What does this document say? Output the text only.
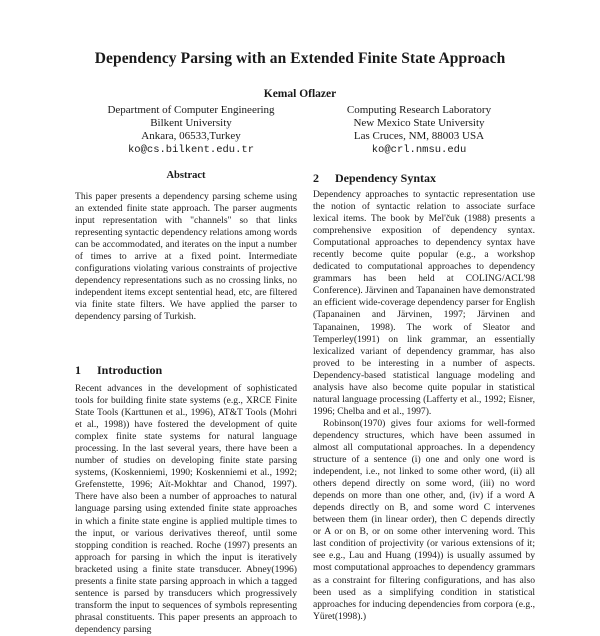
Dependency Parsing with an Extended Finite State Approach
Kemal Oflazer
Department of Computer Engineering
Bilkent University
Ankara, 06533,Turkey
ko@cs.bilkent.edu.tr
Computing Research Laboratory
New Mexico State University
Las Cruces, NM, 88003 USA
ko@crl.nmsu.edu
Abstract

This paper presents a dependency parsing scheme using an extended finite state approach. The parser augments input representation with "channels" so that links representing syntactic dependency relations among words can be accommodated, and iterates on the input a number of times to arrive at a fixed point. Intermediate configurations violating various constraints of projective dependency representations such as no crossing links, no independent items except sentential head, etc, are filtered via finite state filters. We have applied the parser to dependency parsing of Turkish.

1 Introduction

Recent advances in the development of sophisticated tools for building finite state systems (e.g., XRCE Finite State Tools (Karttunen et al., 1996), AT&T Tools (Mohri et al., 1998)) have fostered the development of quite complex finite state systems for natural language processing. In the last several years, there have been a number of studies on developing finite state parsing systems, (Koskenniemi, 1990; Koskenniemi et al., 1992; Grefenstette, 1996; Aït-Mokhtar and Chanod, 1997). There have also been a number of approaches to natural language parsing using extended finite state approaches in which a finite state engine is applied multiple times to the input, or various derivatives thereof, until some stopping condition is reached. Roche (1997) presents an approach for parsing in which the input is iteratively bracketed using a finite state transducer. Abney(1996) presents a finite state parsing approach in which a tagged sentence is parsed by transducers which progressively transform the input to sequences of symbols representing phrasal constituents. This paper presents an approach to dependency parsing

2 Dependency Syntax

Dependency approaches to syntactic representation use the notion of syntactic relation to associate surface lexical items. The book by Mel'čuk (1988) presents a comprehensive exposition of dependency syntax. Computational approaches to dependency syntax have recently become quite popular (e.g., a workshop dedicated to computational approaches to dependency grammars has been held at COLING/ACL'98 Conference). Järvinen and Tapanainen have demonstrated an efficient wide-coverage dependency parser for English (Tapanainen and Järvinen, 1997; Järvinen and Tapanainen, 1998). The work of Sleator and Temperley(1991) on link grammar, an essentially lexicalized variant of dependency grammar, has also proved to be interesting in a number of aspects. Dependency-based statistical language modeling and analysis have also become quite popular in statistical natural language processing (Lafferty et al., 1992; Eisner, 1996; Chelba and et al., 1997).

Robinson(1970) gives four axioms for well-formed dependency structures, which have been assumed in almost all computational approaches. In a dependency structure of a sentence (i) one and only one word is independent, i.e., not linked to some other word, (ii) all others depend directly on some word, (iii) no word depends on more than one other, and, (iv) if a word A depends directly on B, and some word C intervenes between them (in linear order), then C depends directly or A or on B, or on some other intervening word. This last condition of projectivity (or various extensions of it; see e.g., Lau and Huang (1994)) is usually assumed by most computational approaches to dependency grammars as a constraint for filtering configurations, and has also been used as a simplifying condition in statistical approaches for inducing dependencies from corpora (e.g., Yüret(1998).)
